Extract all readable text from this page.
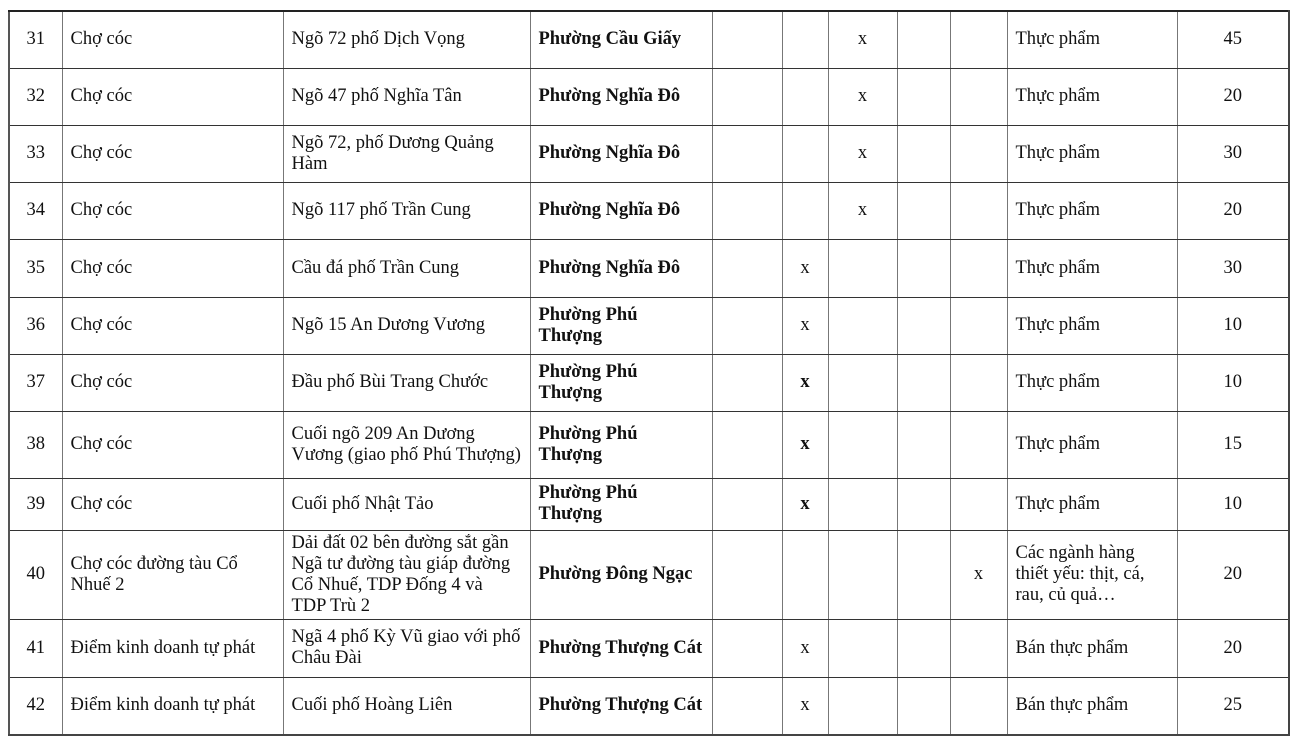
31	Chợ cóc	Ngõ 72 phố Dịch Vọng	Phường Cầu Giấy			x			Thực phẩm	45
32	Chợ cóc	Ngõ 47 phố Nghĩa Tân	Phường Nghĩa Đô			x			Thực phẩm	20
33	Chợ cóc	Ngõ 72, phố Dương Quảng Hàm	Phường Nghĩa Đô			x			Thực phẩm	30
34	Chợ cóc	Ngõ 117 phố Trần Cung	Phường Nghĩa Đô			x			Thực phẩm	20
35	Chợ cóc	Cầu đá phố Trần Cung	Phường Nghĩa Đô		x				Thực phẩm	30
36	Chợ cóc	Ngõ 15 An Dương Vương	Phường Phú Thượng		x				Thực phẩm	10
37	Chợ cóc	Đầu phố Bùi Trang Chước	Phường Phú Thượng		x				Thực phẩm	10
38	Chợ cóc	Cuối ngõ 209 An Dương Vương (giao phố Phú Thượng)	Phường Phú Thượng		x				Thực phẩm	15
39	Chợ cóc	Cuối phố Nhật Tảo	Phường Phú Thượng		x				Thực phẩm	10
40	Chợ cóc đường tàu Cổ Nhuế 2	Dải đất 02 bên đường sắt gần Ngã tư đường tàu giáp đường Cổ Nhuế, TDP Đống 4 và TDP Trù 2	Phường Đông Ngạc					x	Các ngành hàng thiết yếu: thịt, cá, rau, củ quả…	20
41	Điểm kinh doanh tự phát	Ngã 4 phố Kỳ Vũ giao với phố Châu Đài	Phường Thượng Cát		x				Bán thực phẩm	20
42	Điểm kinh doanh tự phát	Cuối phố Hoàng Liên	Phường Thượng Cát		x				Bán thực phẩm	25
